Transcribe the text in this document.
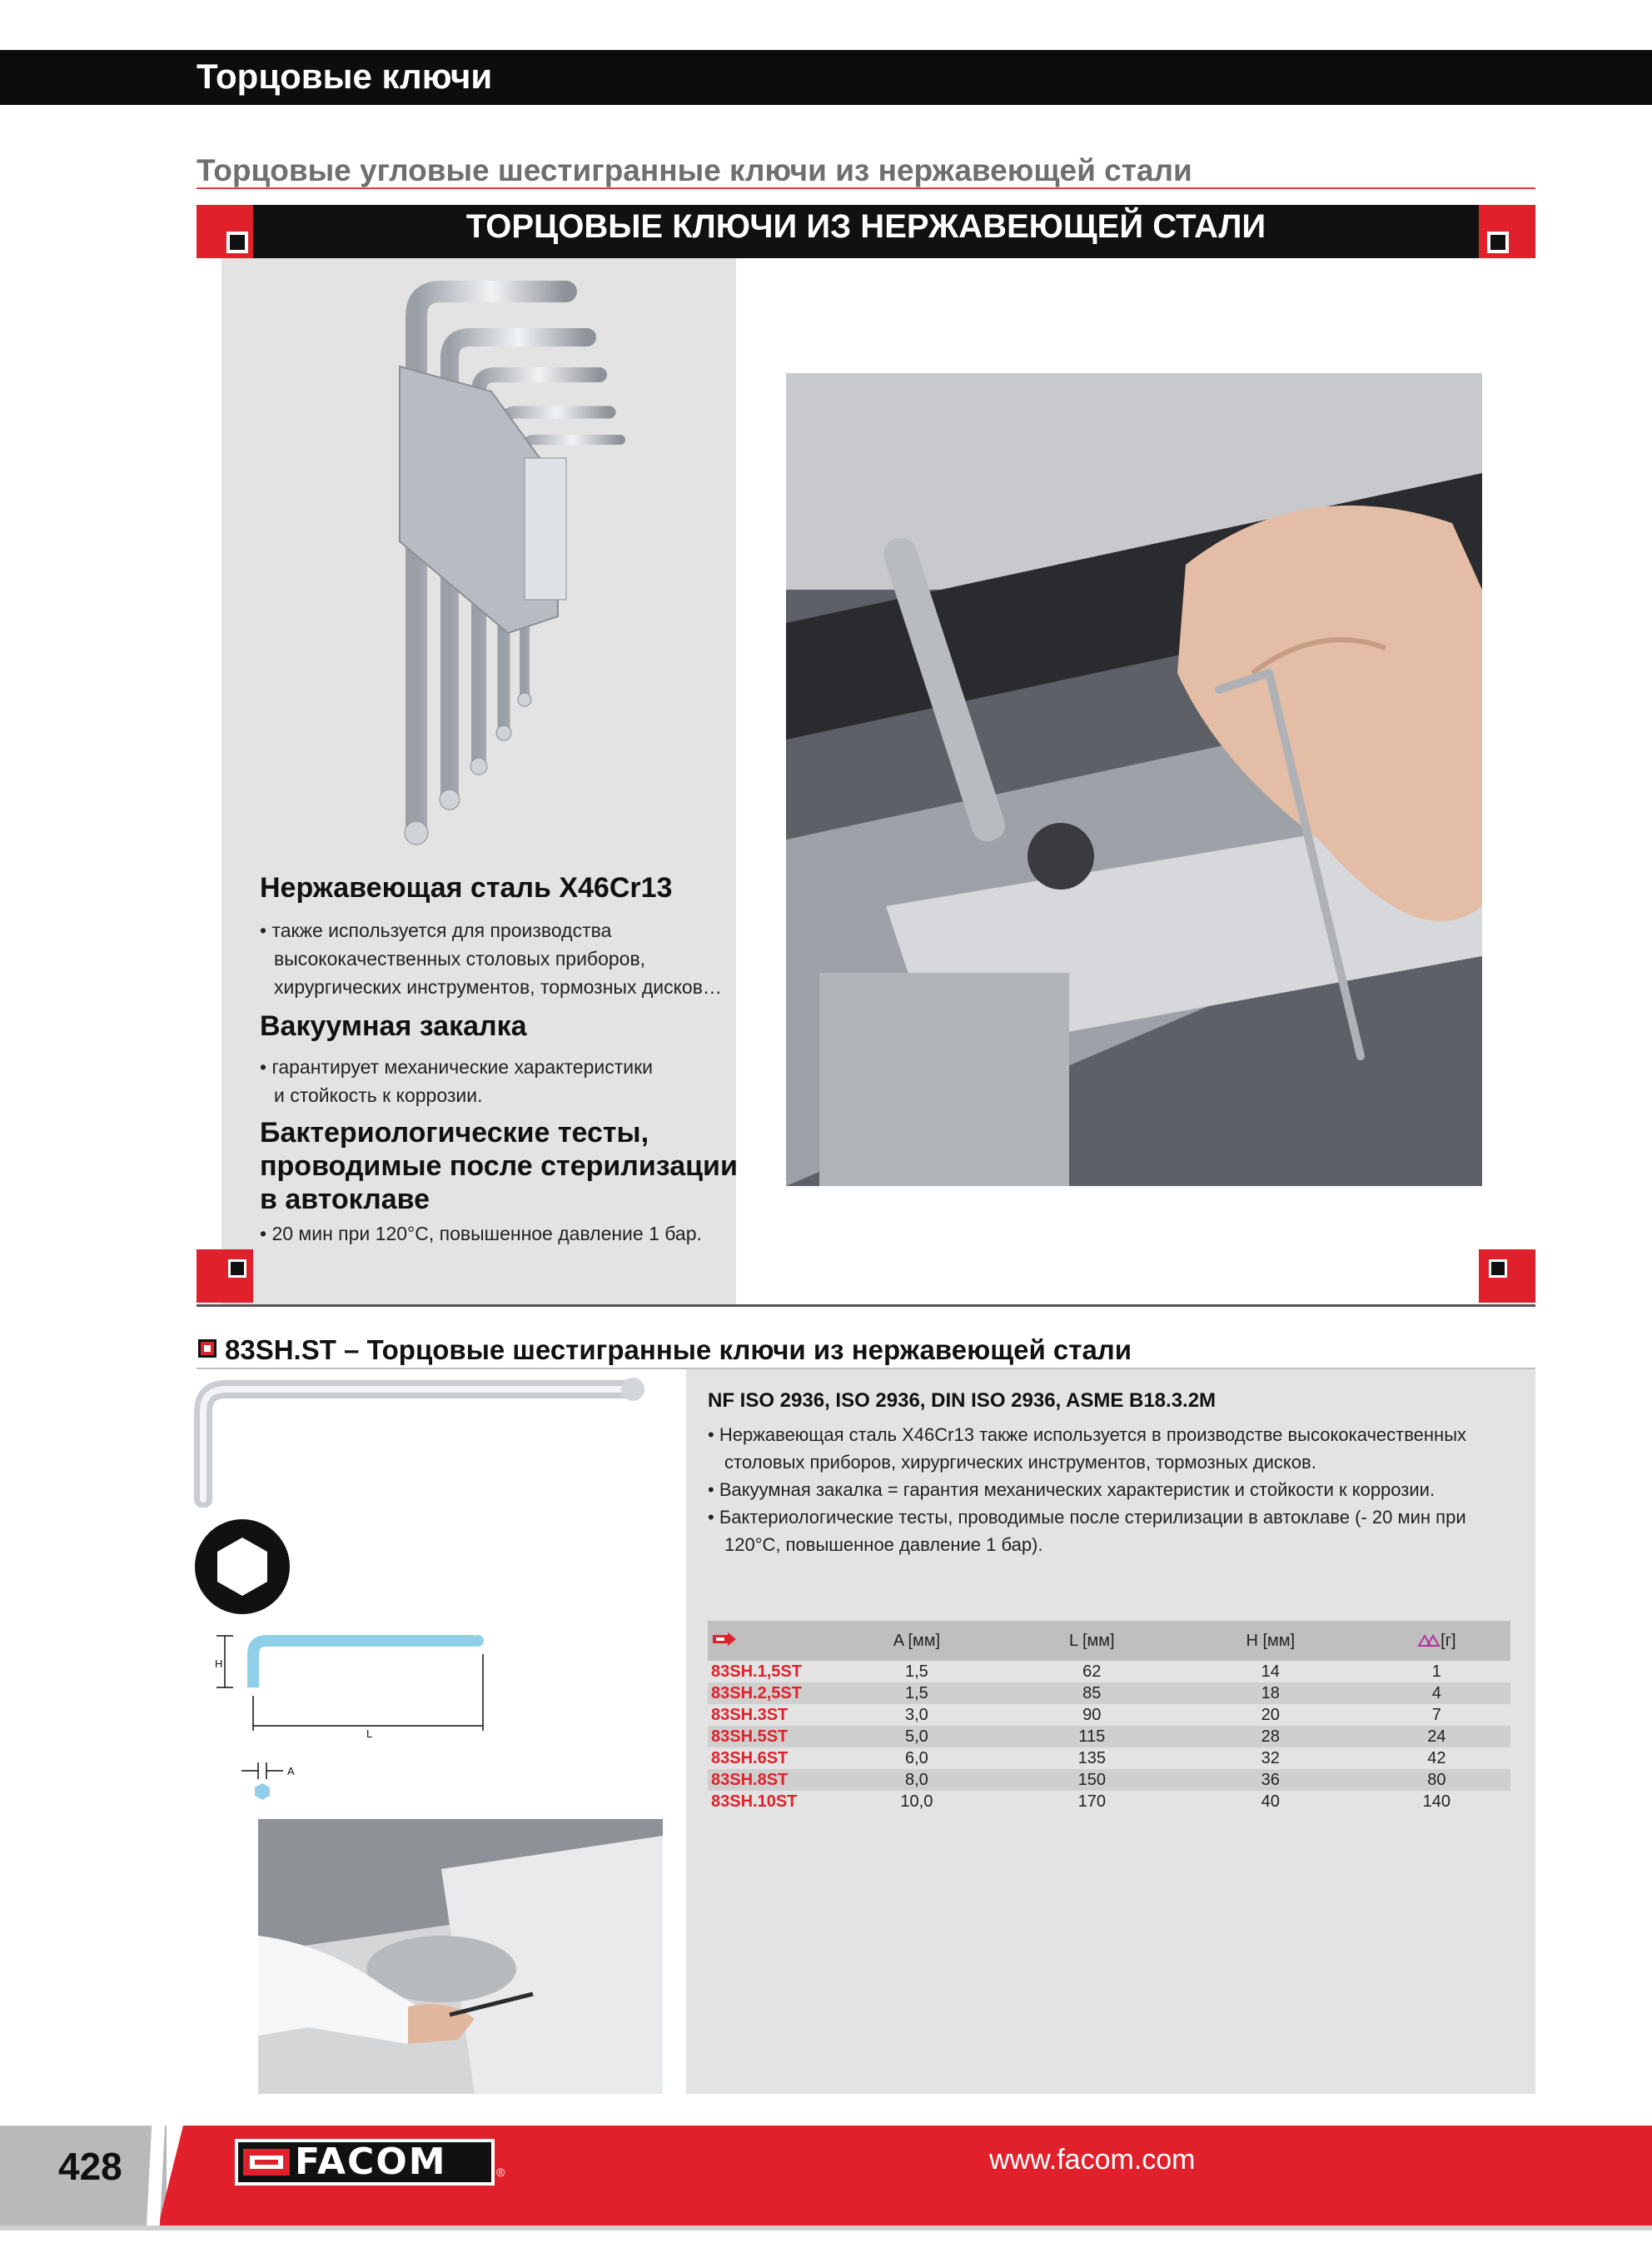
Торцовые ключи
Торцовые угловые шестигранные ключи из нержавеющей стали
ТОРЦОВЫЕ КЛЮЧИ ИЗ НЕРЖАВЕЮЩЕЙ СТАЛИ
Нержавеющая сталь X46Cr13
• также используется для производства
высококачественных столовых приборов,
хирургических инструментов, тормозных дисков…
Вакуумная закалка
• гарантирует механические характеристики
и стойкость к коррозии.
Бактериологические тесты,
проводимые после стерилизации
в автоклаве
• 20 мин при 120°C, повышенное давление 1 бар.
83SH.ST – Торцовые шестигранные ключи из нержавеющей стали
H
L
A
NF ISO 2936, ISO 2936, DIN ISO 2936, ASME B18.3.2M
• Нержавеющая сталь X46Cr13 также используется в производстве высококачественных
столовых приборов, хирургических инструментов, тормозных дисков.
• Вакуумная закалка = гарантия механических характеристик и стойкости к коррозии.
• Бактериологические тесты, проводимые после стерилизации в автоклаве (- 20 мин при
120°C, повышенное давление 1 бар).
	A [мм]	L [мм]	H [мм]	[г]
83SH.1,5ST	1,5	62	14	1
83SH.2,5ST	1,5	85	18	4
83SH.3ST	3,0	90	20	7
83SH.5ST	5,0	115	28	24
83SH.6ST	6,0	135	32	42
83SH.8ST	8,0	150	36	80
83SH.10ST	10,0	170	40	140
428	FACOM	®	www.facom.com
